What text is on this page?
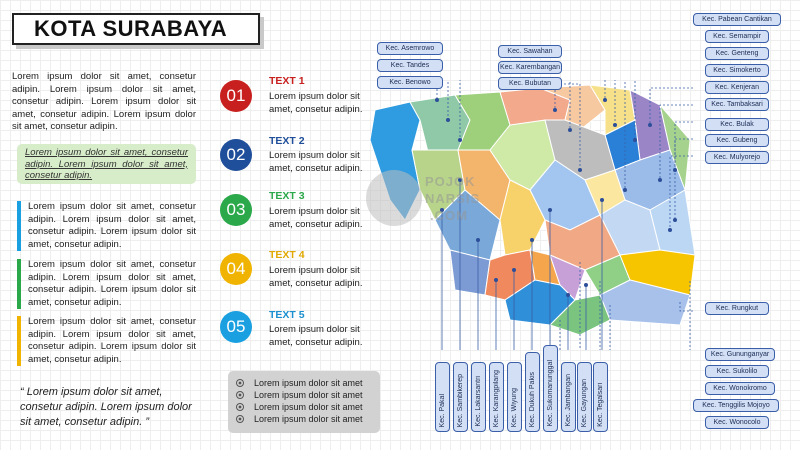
KOTA SURABAYA
Lorem ipsum dolor sit amet, consetur adipin. Lorem ipsum dolor sit amet, consetur adipin. Lorem ipsum dolor sit amet, consetur adipin. Lorem ipsum dolor sit amet, consetur adipin.
Lorem ipsum dolor sit amet, consetur adipin. Lorem ipsum dolor sit amet, consetur adipin.
Lorem ipsum dolor sit amet, consetur adipin. Lorem ipsum dolor sit amet, consetur adipin. Lorem ipsum dolor sit amet, consetur adipin.
Lorem ipsum dolor sit amet, consetur adipin. Lorem ipsum dolor sit amet, consetur adipin. Lorem ipsum dolor sit amet, consetur adipin.
Lorem ipsum dolor sit amet, consetur adipin. Lorem ipsum dolor sit amet, consetur adipin. Lorem ipsum dolor sit amet, consetur adipin.
“ Lorem ipsum dolor sit amet, consetur adipin. Lorem ipsum dolor sit amet, consetur adipin. ”
01
TEXT 1
Lorem ipsum dolor sit amet, consetur adipin.
02
TEXT 2
Lorem ipsum dolor sit amet, consetur adipin.
03
TEXT 3
Lorem ipsum dolor sit amet, consetur adipin.
04
TEXT 4
Lorem ipsum dolor sit amet, consetur adipin.
05
TEXT 5
Lorem ipsum dolor sit amet, consetur adipin.
Lorem ipsum dolor sit amet
Lorem ipsum dolor sit amet
Lorem ipsum dolor sit amet
Lorem ipsum dolor sit amet
POJOK
NARSIS
.COM
Kec. Asemrowo
Kec. Tandes
Kec. Benowo
Kec. Sawahan
Kec. Karembangan
Kec. Bubutan
Kec. Pabean Cantikan
Kec. Semampir
Kec. Genteng
Kec. Simokerto
Kec. Kenjeran
Kec. Tambaksari
Kec. Bulak
Kec. Gubeng
Kec. Mulyorejo
Kec. Rungkut
Kec. Gununganyar
Kec. Sukolilo
Kec. Wonokromo
Kec. Tenggilis Mojoyo
Kec. Wonocolo
Kec. Pakal Kec. Sambikerep Kec. Lakarsantri Kec. Karangpilang Kec. Wiyung Kec. Dukuh Pakis Kec. Sukomanunggal Kec. Jambangan Kec. Gayungan Kec. Tegalsari
